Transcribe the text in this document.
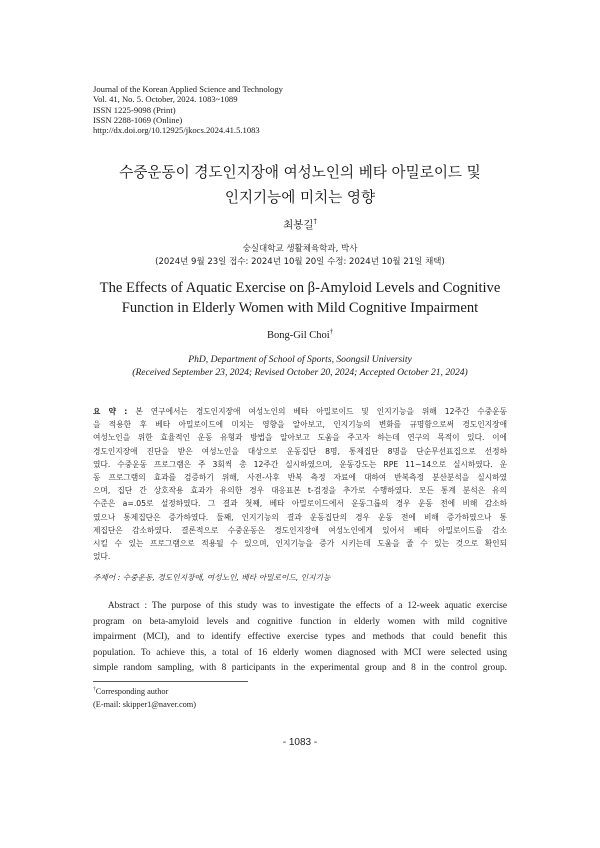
Journal of the Korean Applied Science and Technology
Vol. 41, No. 5. October, 2024. 1083~1089
ISSN 1225-9098 (Print)
ISSN 2288-1069 (Online)
http://dx.doi.org/10.12925/jkocs.2024.41.5.1083
수중운동이 경도인지장애 여성노인의 베타 아밀로이드 및
인지기능에 미치는 영향
최봉길†
숭실대학교 생활체육학과, 박사
(2024년 9월 23일 접수: 2024년 10월 20일 수정: 2024년 10월 21일 채택)
The Effects of Aquatic Exercise on β-Amyloid Levels and Cognitive
Function in Elderly Women with Mild Cognitive Impairment
Bong-Gil Choi†
PhD, Department of School of Sports, Soongsil University
(Received September 23, 2024; Revised October 20, 2024; Accepted October 21, 2024)
요 약 : 본 연구에서는 경도인지장애 여성노인의 베타 아밀로이드 및 인지기능을 위해 12주간 수중운동
을 적용한 후 베타 아밀로이드에 미치는 영향을 알아보고, 인지기능의 변화를 규명함으로써 경도인지장애
여성노인을 위한 효율적인 운동 유형과 방법을 알아보고 도움을 주고자 하는데 연구의 목적이 있다. 이에
경도인지장애 진단을 받은 여성노인을 대상으로 운동집단 8명, 통제집단 8명을 단순무선표집으로 선정하
였다. 수중운동 프로그램은 주 3회씩 총 12주간 실시하였으며, 운동강도는 RPE 11~14으로 실시하였다. 운
동 프로그램의 효과를 검증하기 위해, 사전-사후 반복 측정 자료에 대하여 반복측정 분산분석을 실시하였
으며, 집단 간 상호작용 효과가 유의한 경우 대응표본 t-검정을 추가로 수행하였다. 모든 통계 분석은 유의
수준은 a=.05로 설정하였다. 그 결과 첫째, 베타 아밀로이드에서 운동그룹의 경우 운동 전에 비해 감소하
였으나 통제집단은 증가하였다. 둘째, 인지기능의 결과 운동집단의 경우 운동 전에 비해 증가하였으나 통
제집단은 감소하였다. 결론적으로 수중운동은 경도인지장애 여성노인에게 있어서 베타 아밀로이드를 감소
시킬 수 있는 프로그램으로 적용될 수 있으며, 인지기능을 증가 시키는데 도움을 줄 수 있는 것으로 확인되
었다.
주제어 : 수중운동, 경도인지장애, 여성노인, 베타 아밀로이드, 인지기능
Abstract : The purpose of this study was to investigate the effects of a 12-week aquatic exercise
program on beta-amyloid levels and cognitive function in elderly women with mild cognitive
impairment (MCI), and to identify effective exercise types and methods that could benefit this
population. To achieve this, a total of 16 elderly women diagnosed with MCI were selected using
simple random sampling, with 8 participants in the experimental group and 8 in the control group.
†Corresponding author
(E-mail: skipper1@naver.com)
- 1083 -
